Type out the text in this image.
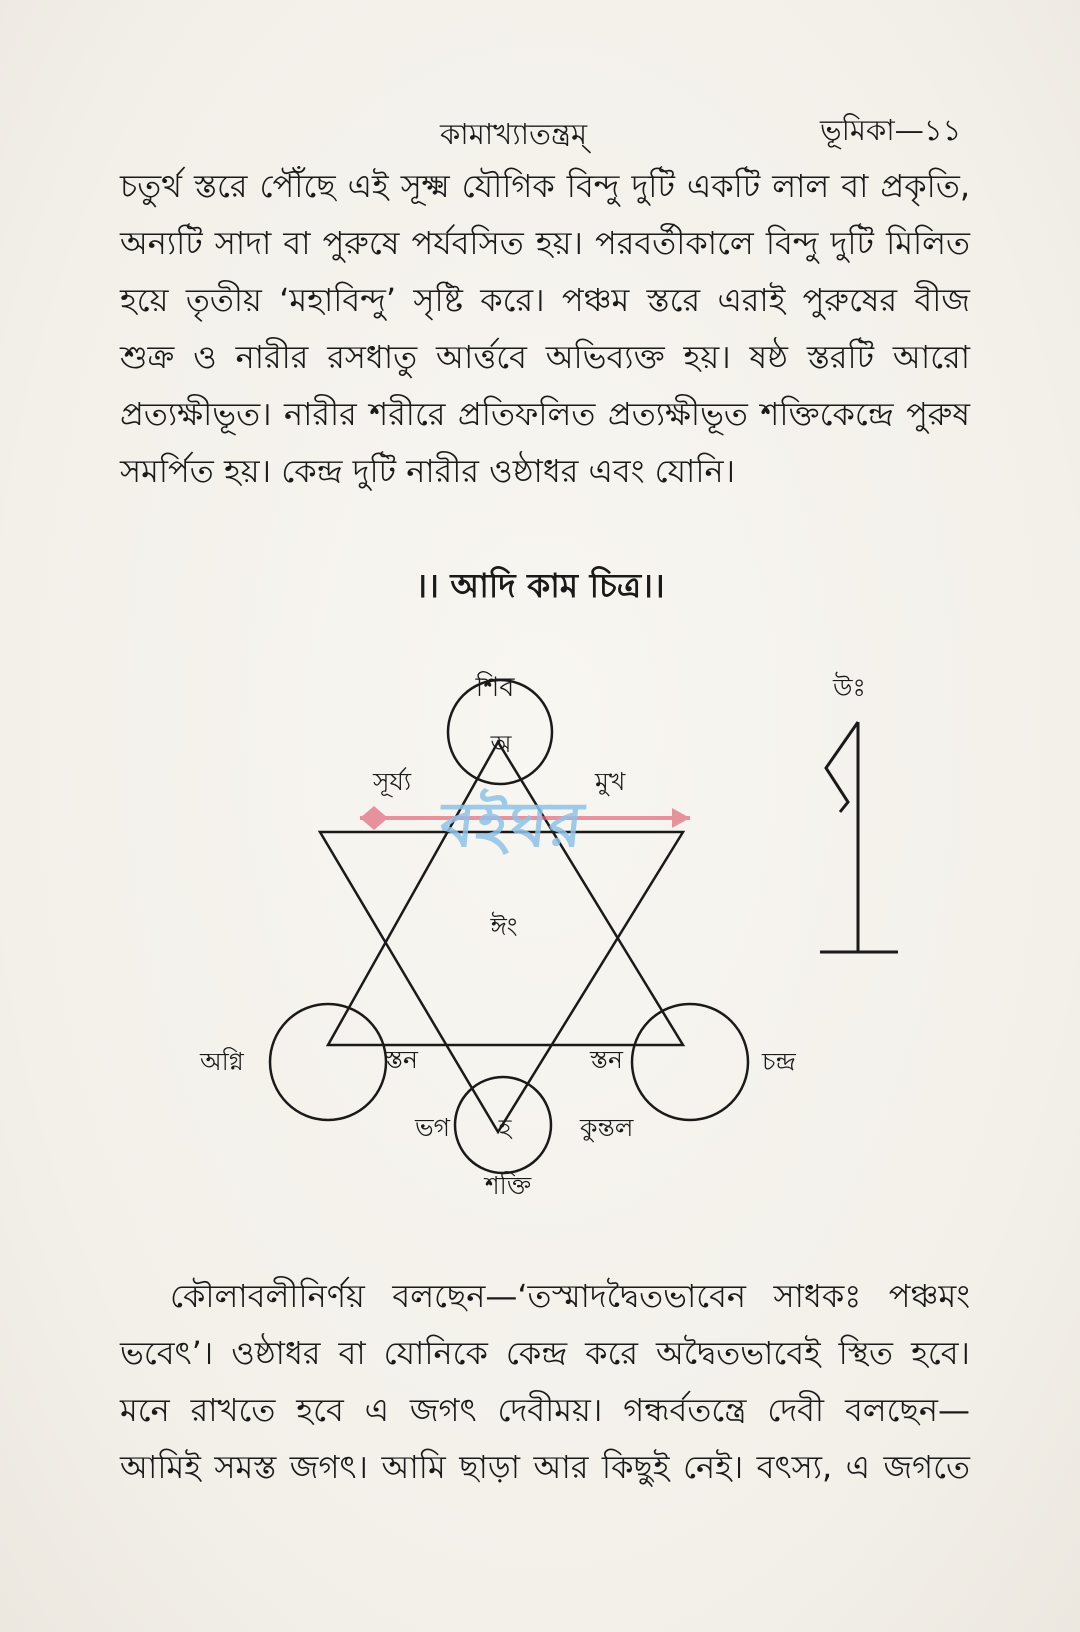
কামাখ্যাতন্ত্রম্	ভূমিকা—১১
চতুর্থ স্তরে পৌঁছে এই সূক্ষ্ম যৌগিক বিন্দু দুটি একটি লাল বা প্রকৃতি,
অন্যটি সাদা বা পুরুষে পর্যবসিত হয়। পরবর্তীকালে বিন্দু দুটি মিলিত
হয়ে তৃতীয় ‘মহাবিন্দু’ সৃষ্টি করে। পঞ্চম স্তরে এরাই পুরুষের বীজ
শুক্র ও নারীর রসধাতু আর্ত্তবে অভিব্যক্ত হয়। ষষ্ঠ স্তরটি আরো
প্রত্যক্ষীভূত। নারীর শরীরে প্রতিফলিত প্রত্যক্ষীভূত শক্তিকেন্দ্রে পুরুষ
সমর্পিত হয়। কেন্দ্র দুটি নারীর ওষ্ঠাধর এবং যোনি।
।। আদি কাম চিত্র।।
শিব
অ
সূর্য্য	মুখ
ঈং
অগ্নি	স্তন	স্তন	চন্দ্র
ভগ হ	কুন্তল
শক্তি
উঃ
বইঘর
কৌলাবলীনির্ণয় বলছেন—‘তস্মাদদ্বৈতভাবেন সাধকঃ পঞ্চমং
ভবেৎ’। ওষ্ঠাধর বা যোনিকে কেন্দ্র করে অদ্বৈতভাবেই স্থিত হবে।
মনে রাখতে হবে এ জগৎ দেবীময়। গন্ধর্বতন্ত্রে দেবী বলছেন—
আমিই সমস্ত জগৎ। আমি ছাড়া আর কিছুই নেই। বৎস্য, এ জগতে
